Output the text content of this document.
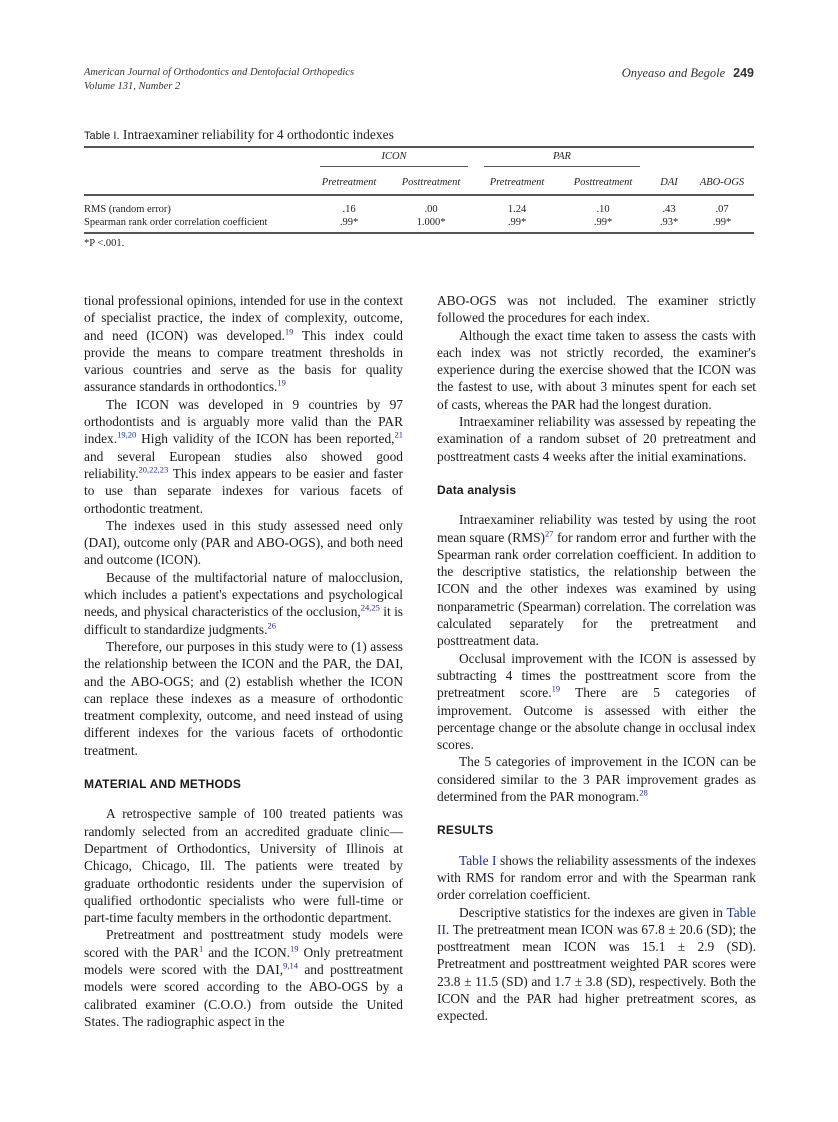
American Journal of Orthodontics and Dentofacial Orthopedics
Volume 131, Number 2
Onyeaso and Begole 249
Table I. Intraexaminer reliability for 4 orthodontic indexes

	ICON		PAR			

	Pretreatment	Posttreatment	Pretreatment	Posttreatment	DAI	ABO-OGS
RMS (random error)	.16	.00	1.24	.10	.43	.07
Spearman rank order correlation coefficient	.99*	1.000*	.99*	.99*	.93*	.99*
*P <.001.

tional professional opinions, intended for use in the context of specialist practice, the index of complexity, outcome, and need (ICON) was developed.$^{19}$ This index could provide the means to compare treatment thresholds in various countries and serve as the basis for quality assurance standards in orthodontics.$^{19}$

The ICON was developed in 9 countries by 97 orthodontists and is arguably more valid than the PAR index.$^{19,20}$ High validity of the ICON has been reported,$^{21}$ and several European studies also showed good reliability.$^{20,22,23}$ This index appears to be easier and faster to use than separate indexes for various facets of orthodontic treatment.

The indexes used in this study assessed need only (DAI), outcome only (PAR and ABO-OGS), and both need and outcome (ICON).

Because of the multifactorial nature of malocclusion, which includes a patient's expectations and psychological needs, and physical characteristics of the occlusion,$^{24,25}$ it is difficult to standardize judgments.$^{26}$

Therefore, our purposes in this study were to (1) assess the relationship between the ICON and the PAR, the DAI, and the ABO-OGS; and (2) establish whether the ICON can replace these indexes as a measure of orthodontic treatment complexity, outcome, and need instead of using different indexes for the various facets of orthodontic treatment.

MATERIAL AND METHODS

A retrospective sample of 100 treated patients was randomly selected from an accredited graduate clinic—Department of Orthodontics, University of Illinois at Chicago, Chicago, Ill. The patients were treated by graduate orthodontic residents under the supervision of qualified orthodontic specialists who were full-time or part-time faculty members in the orthodontic department.

Pretreatment and posttreatment study models were scored with the PAR$^1$ and the ICON.$^{19}$ Only pretreatment models were scored with the DAI,$^{9,14}$ and posttreatment models were scored according to the ABO-OGS by a calibrated examiner (C.O.O.) from outside the United States. The radiographic aspect in the

ABO-OGS was not included. The examiner strictly followed the procedures for each index.

Although the exact time taken to assess the casts with each index was not strictly recorded, the examiner's experience during the exercise showed that the ICON was the fastest to use, with about 3 minutes spent for each set of casts, whereas the PAR had the longest duration.

Intraexaminer reliability was assessed by repeating the examination of a random subset of 20 pretreatment and posttreatment casts 4 weeks after the initial examinations.

Data analysis

Intraexaminer reliability was tested by using the root mean square (RMS)$^{27}$ for random error and further with the Spearman rank order correlation coefficient. In addition to the descriptive statistics, the relationship between the ICON and the other indexes was examined by using nonparametric (Spearman) correlation. The correlation was calculated separately for the pretreatment and posttreatment data.

Occlusal improvement with the ICON is assessed by subtracting 4 times the posttreatment score from the pretreatment score.$^{19}$ There are 5 categories of improvement. Outcome is assessed with either the percentage change or the absolute change in occlusal index scores.

The 5 categories of improvement in the ICON can be considered similar to the 3 PAR improvement grades as determined from the PAR monogram.$^{28}$

RESULTS

Table I shows the reliability assessments of the indexes with RMS for random error and with the Spearman rank order correlation coefficient.

Descriptive statistics for the indexes are given in Table II. The pretreatment mean ICON was 67.8 ± 20.6 (SD); the posttreatment mean ICON was 15.1 ± 2.9 (SD). Pretreatment and posttreatment weighted PAR scores were 23.8 ± 11.5 (SD) and 1.7 ± 3.8 (SD), respectively. Both the ICON and the PAR had higher pretreatment scores, as expected.
